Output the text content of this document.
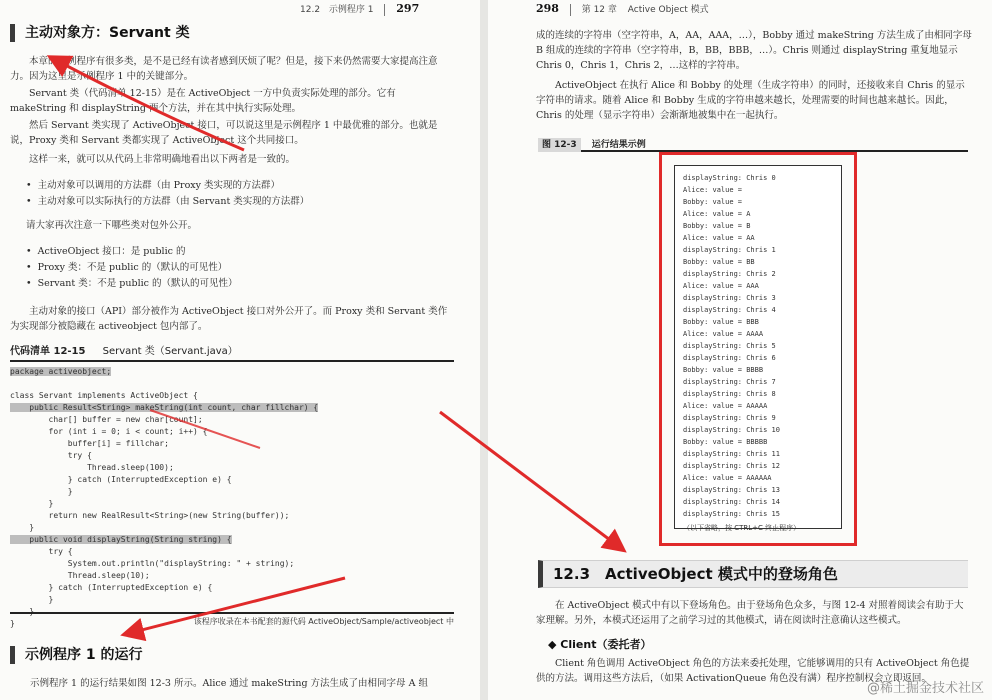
12.2 示例程序 1 297
主动对象方：Servant 类
本章的示例程序有很多类，是不是已经有读者感到厌烦了呢？但是，接下来仍然需要大家提高注意力。因为这里是示例程序 1 中的关键部分。
Servant 类（代码清单 12-15）是在 ActiveObject 一方中负责实际处理的部分。它有 makeString 和 displayString 两个方法，并在其中执行实际处理。
然后 Servant 类实现了 ActiveObject 接口，可以说这里是示例程序 1 中最优雅的部分。也就是说，Proxy 类和 Servant 类都实现了 ActiveObject 这个共同接口。
这样一来，就可以从代码上非常明确地看出以下两者是一致的。
• 主动对象可以调用的方法群（由 Proxy 类实现的方法群）
• 主动对象可以实际执行的方法群（由 Servant 类实现的方法群）
请大家再次注意一下哪些类对包外公开。
• ActiveObject 接口：是 public 的
• Proxy 类：不是 public 的（默认的可见性）
• Servant 类：不是 public 的（默认的可见性）
主动对象的接口（API）部分被作为 ActiveObject 接口对外公开了。而 Proxy 类和 Servant 类作为实现部分被隐藏在 activeobject 包内部了。
代码清单 12-15 Servant 类（Servant.java）
package activeobject;
class Servant implements ActiveObject {
public Result<String> makeString(int count, char fillchar) {
char[] buffer = new char[count];
for (int i = 0; i < count; i++) {
buffer[i] = fillchar;
try {
Thread.sleep(100);
} catch (InterruptedException e) {
}
}
return new RealResult<String>(new String(buffer));
}
public void displayString(String string) {
try {
System.out.println("displayString: " + string);
Thread.sleep(10);
} catch (InterruptedException e) {
}
}
}	该程序收录在本书配套的源代码 ActiveObject/Sample/activeobject 中
示例程序 1 的运行
示例程序 1 的运行结果如图 12-3 所示。Alice 通过 makeString 方法生成了由相同字母 A 组
298	第 12 章 Active Object 模式
成的连续的字符串（空字符串，A，AA，AAA，…），Bobby 通过 makeString 方法生成了由相同字母 B 组成的连续的字符串（空字符串，B，BB，BBB，…）。Chris 则通过 displayString 重复地显示 Chris 0，Chris 1，Chris 2，…这样的字符串。
ActiveObject 在执行 Alice 和 Bobby 的处理（生成字符串）的同时，还接收来自 Chris 的显示字符串的请求。随着 Alice 和 Bobby 生成的字符串越来越长，处理需要的时间也越来越长。因此，Chris 的处理（显示字符串）会渐渐地被集中在一起执行。
图 12-3 运行结果示例
displayString: Chris 0
Alice: value =
Bobby: value =
Alice: value = A
Bobby: value = B
Alice: value = AA
displayString: Chris 1
Bobby: value = BB
displayString: Chris 2
Alice: value = AAA
displayString: Chris 3
displayString: Chris 4
Bobby: value = BBB
Alice: value = AAAA
displayString: Chris 5
displayString: Chris 6
Bobby: value = BBBB
displayString: Chris 7
displayString: Chris 8
Alice: value = AAAAA
displayString: Chris 9
displayString: Chris 10
Bobby: value = BBBBB
displayString: Chris 11
displayString: Chris 12
Alice: value = AAAAAA
displayString: Chris 13
displayString: Chris 14
displayString: Chris 15
（以下省略，按 CTRL+C 终止程序）
12.3　ActiveObject 模式中的登场角色
在 ActiveObject 模式中有以下登场角色。由于登场角色众多，与图 12-4 对照着阅读会有助于大家理解。另外，本模式还运用了之前学习过的其他模式，请在阅读时注意确认这些模式。
◆ Client（委托者）
Client 角色调用 ActiveObject 角色的方法来委托处理，它能够调用的只有 ActiveObject 角色提供的方法。调用这些方法后，（如果 ActivationQueue 角色没有满）程序控制权会立即返回。
@稀土掘金技术社区
